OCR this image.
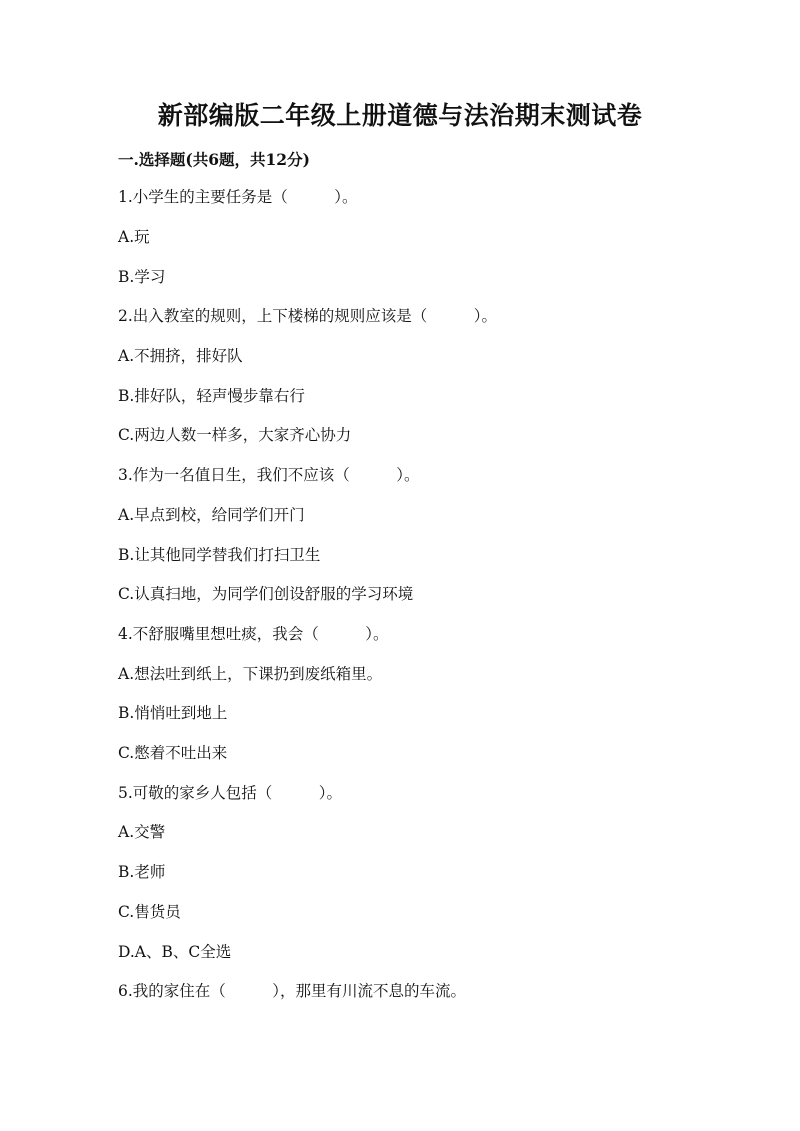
新部编版二年级上册道德与法治期末测试卷
一.选择题(共6题，共12分)
1.小学生的主要任务是（　　　）。
A.玩
B.学习
2.出入教室的规则，上下楼梯的规则应该是（　　　）。
A.不拥挤，排好队
B.排好队，轻声慢步靠右行
C.两边人数一样多，大家齐心协力
3.作为一名值日生，我们不应该（　　　）。
A.早点到校，给同学们开门
B.让其他同学替我们打扫卫生
C.认真扫地，为同学们创设舒服的学习环境
4.不舒服嘴里想吐痰，我会（　　　）。
A.想法吐到纸上，下课扔到废纸箱里。
B.悄悄吐到地上
C.憋着不吐出来
5.可敬的家乡人包括（　　　）。
A.交警
B.老师
C.售货员
D.A、B、C全选
6.我的家住在（　　　），那里有川流不息的车流。
